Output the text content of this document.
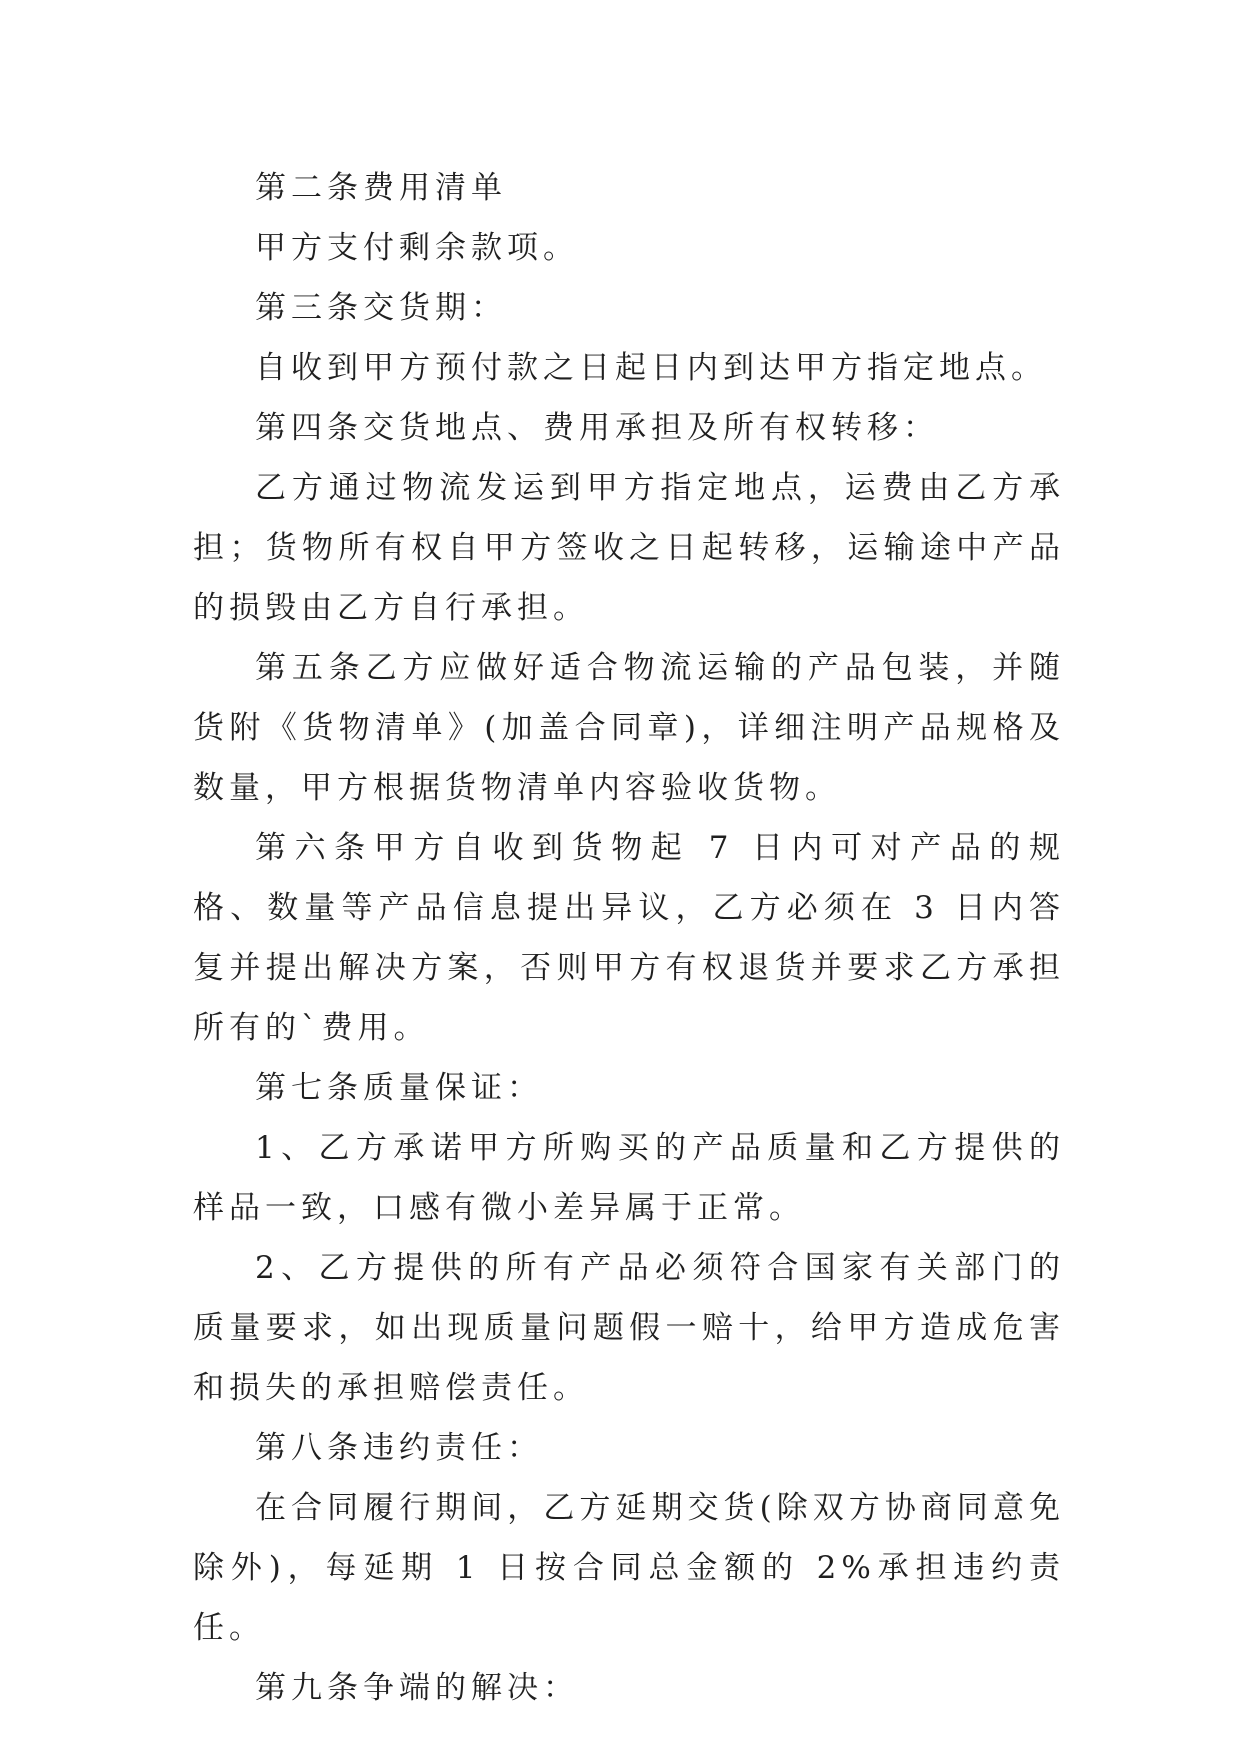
第二条费用清单

甲方支付剩余款项。

第三条交货期：

自收到甲方预付款之日起日内到达甲方指定地点。

第四条交货地点、费用承担及所有权转移：

乙方通过物流发运到甲方指定地点，运费由乙方承担；货物所有权自甲方签收之日起转移，运输途中产品的损毁由乙方自行承担。

第五条乙方应做好适合物流运输的产品包装，并随货附《货物清单》(加盖合同章)，详细注明产品规格及数量，甲方根据货物清单内容验收货物。

第六条甲方自收到货物起 7 日内可对产品的规格、数量等产品信息提出异议，乙方必须在 3 日内答复并提出解决方案，否则甲方有权退货并要求乙方承担所有的`费用。

第七条质量保证：

1、乙方承诺甲方所购买的产品质量和乙方提供的样品一致，口感有微小差异属于正常。

2、乙方提供的所有产品必须符合国家有关部门的质量要求，如出现质量问题假一赔十，给甲方造成危害和损失的承担赔偿责任。

第八条违约责任：

在合同履行期间，乙方延期交货(除双方协商同意免除外)，每延期 1 日按合同总金额的 2%承担违约责任。

第九条争端的解决：
